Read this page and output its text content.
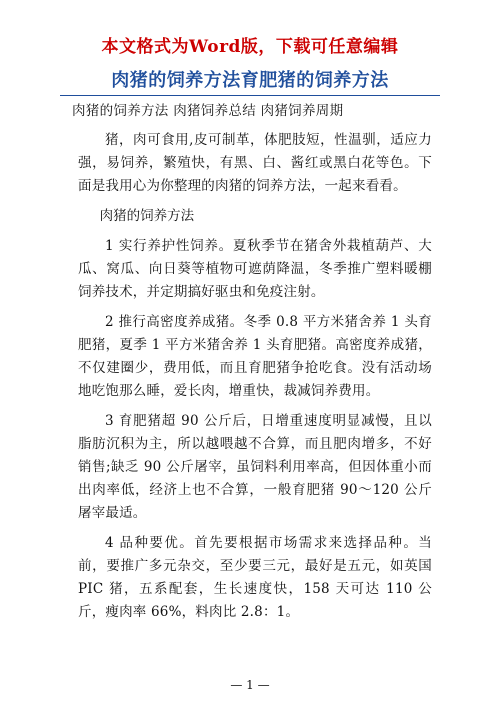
本文格式为Word版，下载可任意编辑
肉猪的饲养方法育肥猪的饲养方法
肉猪的饲养方法 肉猪饲养总结 肉猪饲养周期

猪，肉可食用,皮可制革，体肥肢短，性温驯，适应力强，易饲养，繁殖快，有黑、白、酱红或黑白花等色。下面是我用心为你整理的肉猪的饲养方法，一起来看看。

肉猪的饲养方法

1 实行养护性饲养。夏秋季节在猪舍外栽植葫芦、大瓜、窝瓜、向日葵等植物可遮荫降温，冬季推广塑料暖棚饲养技术，并定期搞好驱虫和免疫注射。

2 推行高密度养成猪。冬季 0.8 平方米猪舍养 1 头育肥猪，夏季 1 平方米猪舍养 1 头育肥猪。高密度养成猪，不仅建圈少，费用低，而且育肥猪争抢吃食。没有活动场地吃饱那么睡，爱长肉，增重快，裁减饲养费用。

3 育肥猪超 90 公斤后，日增重速度明显减慢，且以脂肪沉积为主，所以越喂越不合算，而且肥肉增多，不好销售;缺乏 90 公斤屠宰，虽饲料利用率高，但因体重小而出肉率低，经济上也不合算，一般育肥猪 90～120 公斤屠宰最适。

4 品种要优。首先要根据市场需求来选择品种。当前，要推广多元杂交，至少要三元，最好是五元，如英国 PIC 猪，五系配套，生长速度快，158 天可达 110 公斤，瘦肉率 66%，料肉比 2.8：1。

— 1 —
